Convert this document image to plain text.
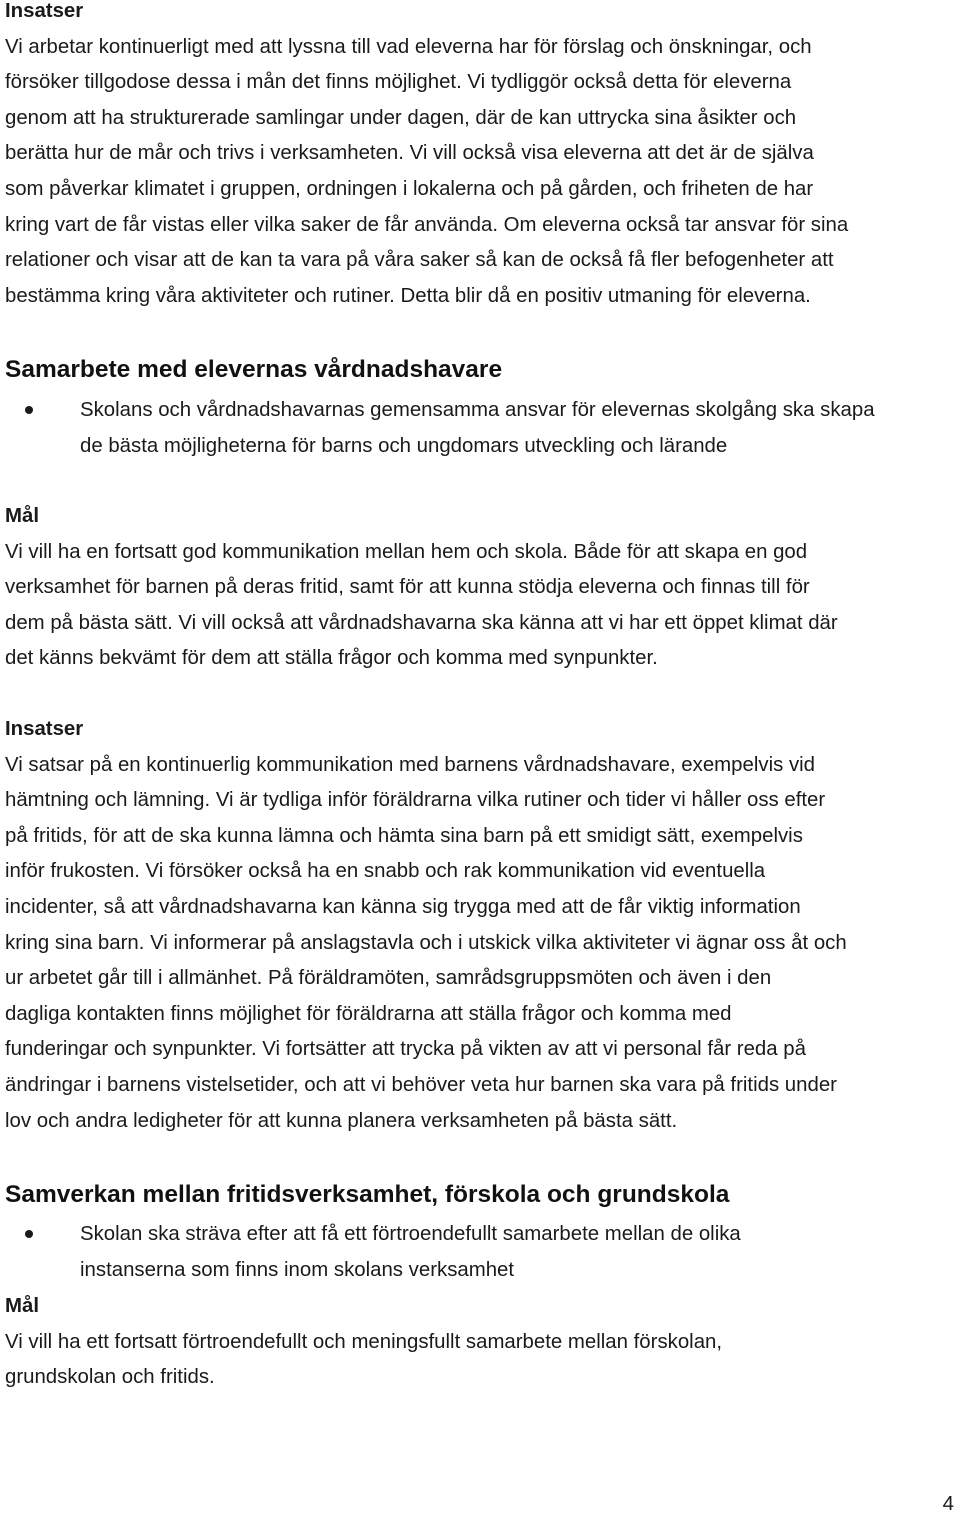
Insatser
Vi arbetar kontinuerligt med att lyssna till vad eleverna har för förslag och önskningar, och
försöker tillgodose dessa i mån det finns möjlighet. Vi tydliggör också detta för eleverna
genom att ha strukturerade samlingar under dagen, där de kan uttrycka sina åsikter och
berätta hur de mår och trivs i verksamheten. Vi vill också visa eleverna att det är de själva
som påverkar klimatet i gruppen, ordningen i lokalerna och på gården, och friheten de har
kring vart de får vistas eller vilka saker de får använda. Om eleverna också tar ansvar för sina
relationer och visar att de kan ta vara på våra saker så kan de också få fler befogenheter att
bestämma kring våra aktiviteter och rutiner. Detta blir då en positiv utmaning för eleverna.
Samarbete med elevernas vårdnadshavare
Skolans och vårdnadshavarnas gemensamma ansvar för elevernas skolgång ska skapa
de bästa möjligheterna för barns och ungdomars utveckling och lärande
Mål
Vi vill ha en fortsatt god kommunikation mellan hem och skola. Både för att skapa en god
verksamhet för barnen på deras fritid, samt för att kunna stödja eleverna och finnas till för
dem på bästa sätt. Vi vill också att vårdnadshavarna ska känna att vi har ett öppet klimat där
det känns bekvämt för dem att ställa frågor och komma med synpunkter.
Insatser
Vi satsar på en kontinuerlig kommunikation med barnens vårdnadshavare, exempelvis vid
hämtning och lämning. Vi är tydliga inför föräldrarna vilka rutiner och tider vi håller oss efter
på fritids, för att de ska kunna lämna och hämta sina barn på ett smidigt sätt, exempelvis
inför frukosten. Vi försöker också ha en snabb och rak kommunikation vid eventuella
incidenter, så att vårdnadshavarna kan känna sig trygga med att de får viktig information
kring sina barn. Vi informerar på anslagstavla och i utskick vilka aktiviteter vi ägnar oss åt och
ur arbetet går till i allmänhet. På föräldramöten, samrådsgruppsmöten och även i den
dagliga kontakten finns möjlighet för föräldrarna att ställa frågor och komma med
funderingar och synpunkter. Vi fortsätter att trycka på vikten av att vi personal får reda på
ändringar i barnens vistelsetider, och att vi behöver veta hur barnen ska vara på fritids under
lov och andra ledigheter för att kunna planera verksamheten på bästa sätt.
Samverkan mellan fritidsverksamhet, förskola och grundskola
Skolan ska sträva efter att få ett förtroendefullt samarbete mellan de olika
instanserna som finns inom skolans verksamhet
Mål
Vi vill ha ett fortsatt förtroendefullt och meningsfullt samarbete mellan förskolan,
grundskolan och fritids.
4
